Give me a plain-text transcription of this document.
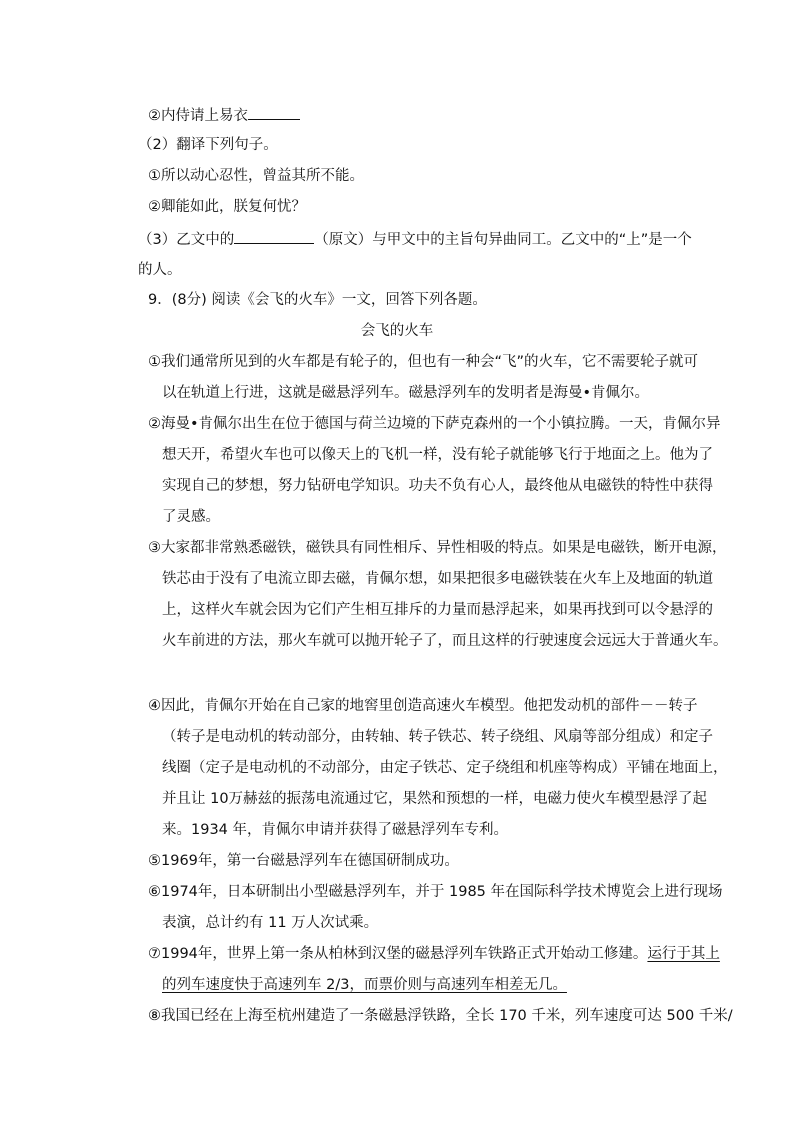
②内侍请上易衣
（2）翻译下列句子。
①所以动心忍性，曾益其所不能。
②卿能如此，朕复何忧？
（3）乙文中的	（原文）与甲文中的主旨句异曲同工。乙文中的“上”是一个
的人。
9．(8分) 阅读《会飞的火车》一文，回答下列各题。
会飞的火车
①我们通常所见到的火车都是有轮子的，但也有一种会“飞”的火车，它不需要轮子就可
以在轨道上行进，这就是磁悬浮列车。磁悬浮列车的发明者是海曼•肯佩尔。
②海曼•肯佩尔出生在位于德国与荷兰边境的下萨克森州的一个小镇拉腾。一天，肯佩尔异
想天开，希望火车也可以像天上的飞机一样，没有轮子就能够飞行于地面之上。他为了
实现自己的梦想，努力钻研电学知识。功夫不负有心人，最终他从电磁铁的特性中获得
了灵感。
③大家都非常熟悉磁铁，磁铁具有同性相斥、异性相吸的特点。如果是电磁铁，断开电源，
铁芯由于没有了电流立即去磁，肯佩尔想，如果把很多电磁铁装在火车上及地面的轨道
上，这样火车就会因为它们产生相互排斥的力量而悬浮起来，如果再找到可以令悬浮的
火车前进的方法，那火车就可以抛开轮子了，而且这样的行驶速度会远远大于普通火车。
④因此，肯佩尔开始在自己家的地窖里创造高速火车模型。他把发动机的部件－－转子
（转子是电动机的转动部分，由转轴、转子铁芯、转子绕组、风扇等部分组成）和定子
线圈（定子是电动机的不动部分，由定子铁芯、定子绕组和机座等构成）平铺在地面上，
并且让 10万赫兹的振荡电流通过它，果然和预想的一样，电磁力使火车模型悬浮了起
来。1934 年，肯佩尔申请并获得了磁悬浮列车专利。
⑤1969年，第一台磁悬浮列车在德国研制成功。
⑥1974年，日本研制出小型磁悬浮列车，并于 1985 年在国际科学技术博览会上进行现场
表演，总计约有 11 万人次试乘。
⑦1994年，世界上第一条从柏林到汉堡的磁悬浮列车铁路正式开始动工修建。运行于其上
的列车速度快于高速列车 2/3，而票价则与高速列车相差无几。
⑧我国已经在上海至杭州建造了一条磁悬浮铁路，全长 170 千米，列车速度可达 500 千米/
